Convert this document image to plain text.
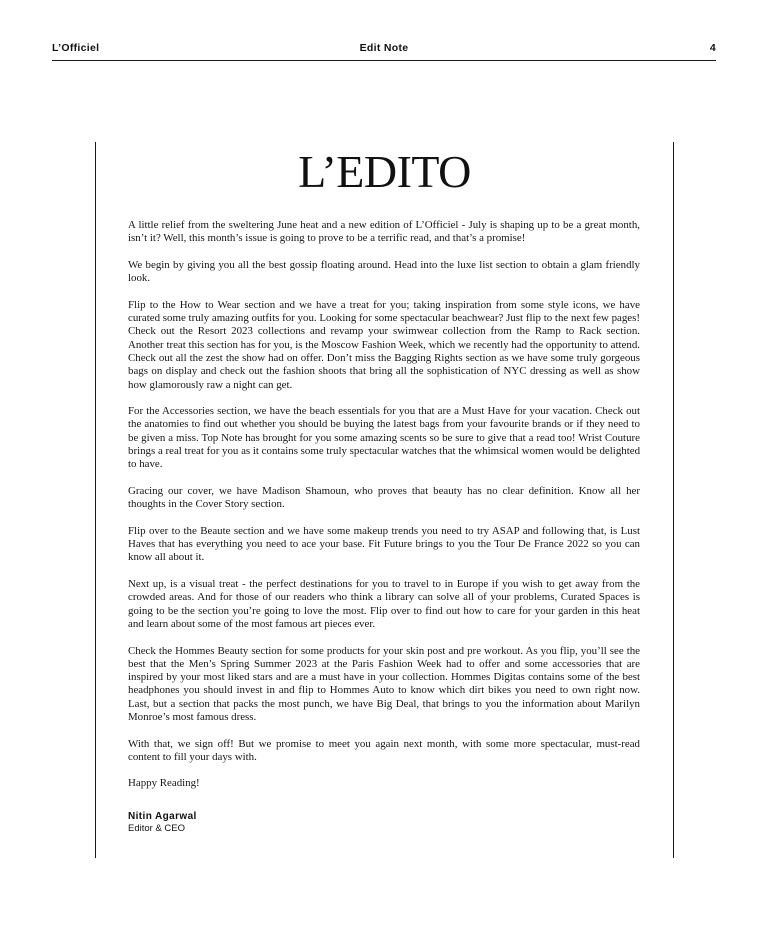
L’Officiel	Edit Note	4
L’EDITO

A little relief from the sweltering June heat and a new edition of L’Officiel - July is shaping up to be a great month, isn’t it? Well, this month’s issue is going to prove to be a terrific read, and that’s a promise!

We begin by giving you all the best gossip floating around. Head into the luxe list section to obtain a glam friendly look.

Flip to the How to Wear section and we have a treat for you; taking inspiration from some style icons, we have curated some truly amazing outfits for you. Looking for some spectacular beachwear? Just flip to the next few pages! Check out the Resort 2023 collections and revamp your swimwear collection from the Ramp to Rack section. Another treat this section has for you, is the Moscow Fashion Week, which we recently had the opportunity to attend. Check out all the zest the show had on offer. Don’t miss the Bagging Rights section as we have some truly gorgeous bags on display and check out the fashion shoots that bring all the sophistication of NYC dressing as well as show how glamorously raw a night can get.

For the Accessories section, we have the beach essentials for you that are a Must Have for your vacation. Check out the anatomies to find out whether you should be buying the latest bags from your favourite brands or if they need to be given a miss. Top Note has brought for you some amazing scents so be sure to give that a read too! Wrist Couture brings a real treat for you as it contains some truly spectacular watches that the whimsical women would be delighted to have.

Gracing our cover, we have Madison Shamoun, who proves that beauty has no clear definition. Know all her thoughts in the Cover Story section.

Flip over to the Beaute section and we have some makeup trends you need to try ASAP and following that, is Lust Haves that has everything you need to ace your base. Fit Future brings to you the Tour De France 2022 so you can know all about it.

Next up, is a visual treat - the perfect destinations for you to travel to in Europe if you wish to get away from the crowded areas. And for those of our readers who think a library can solve all of your problems, Curated Spaces is going to be the section you’re going to love the most. Flip over to find out how to care for your garden in this heat and learn about some of the most famous art pieces ever.

Check the Hommes Beauty section for some products for your skin post and pre workout. As you flip, you’ll see the best that the Men’s Spring Summer 2023 at the Paris Fashion Week had to offer and some accessories that are inspired by your most liked stars and are a must have in your collection. Hommes Digitas contains some of the best headphones you should invest in and flip to Hommes Auto to know which dirt bikes you need to own right now. Last, but a section that packs the most punch, we have Big Deal, that brings to you the information about Marilyn Monroe’s most famous dress.

With that, we sign off! But we promise to meet you again next month, with some more spectacular, must-read content to fill your days with.

Happy Reading!

Nitin Agarwal
Editor & CEO
